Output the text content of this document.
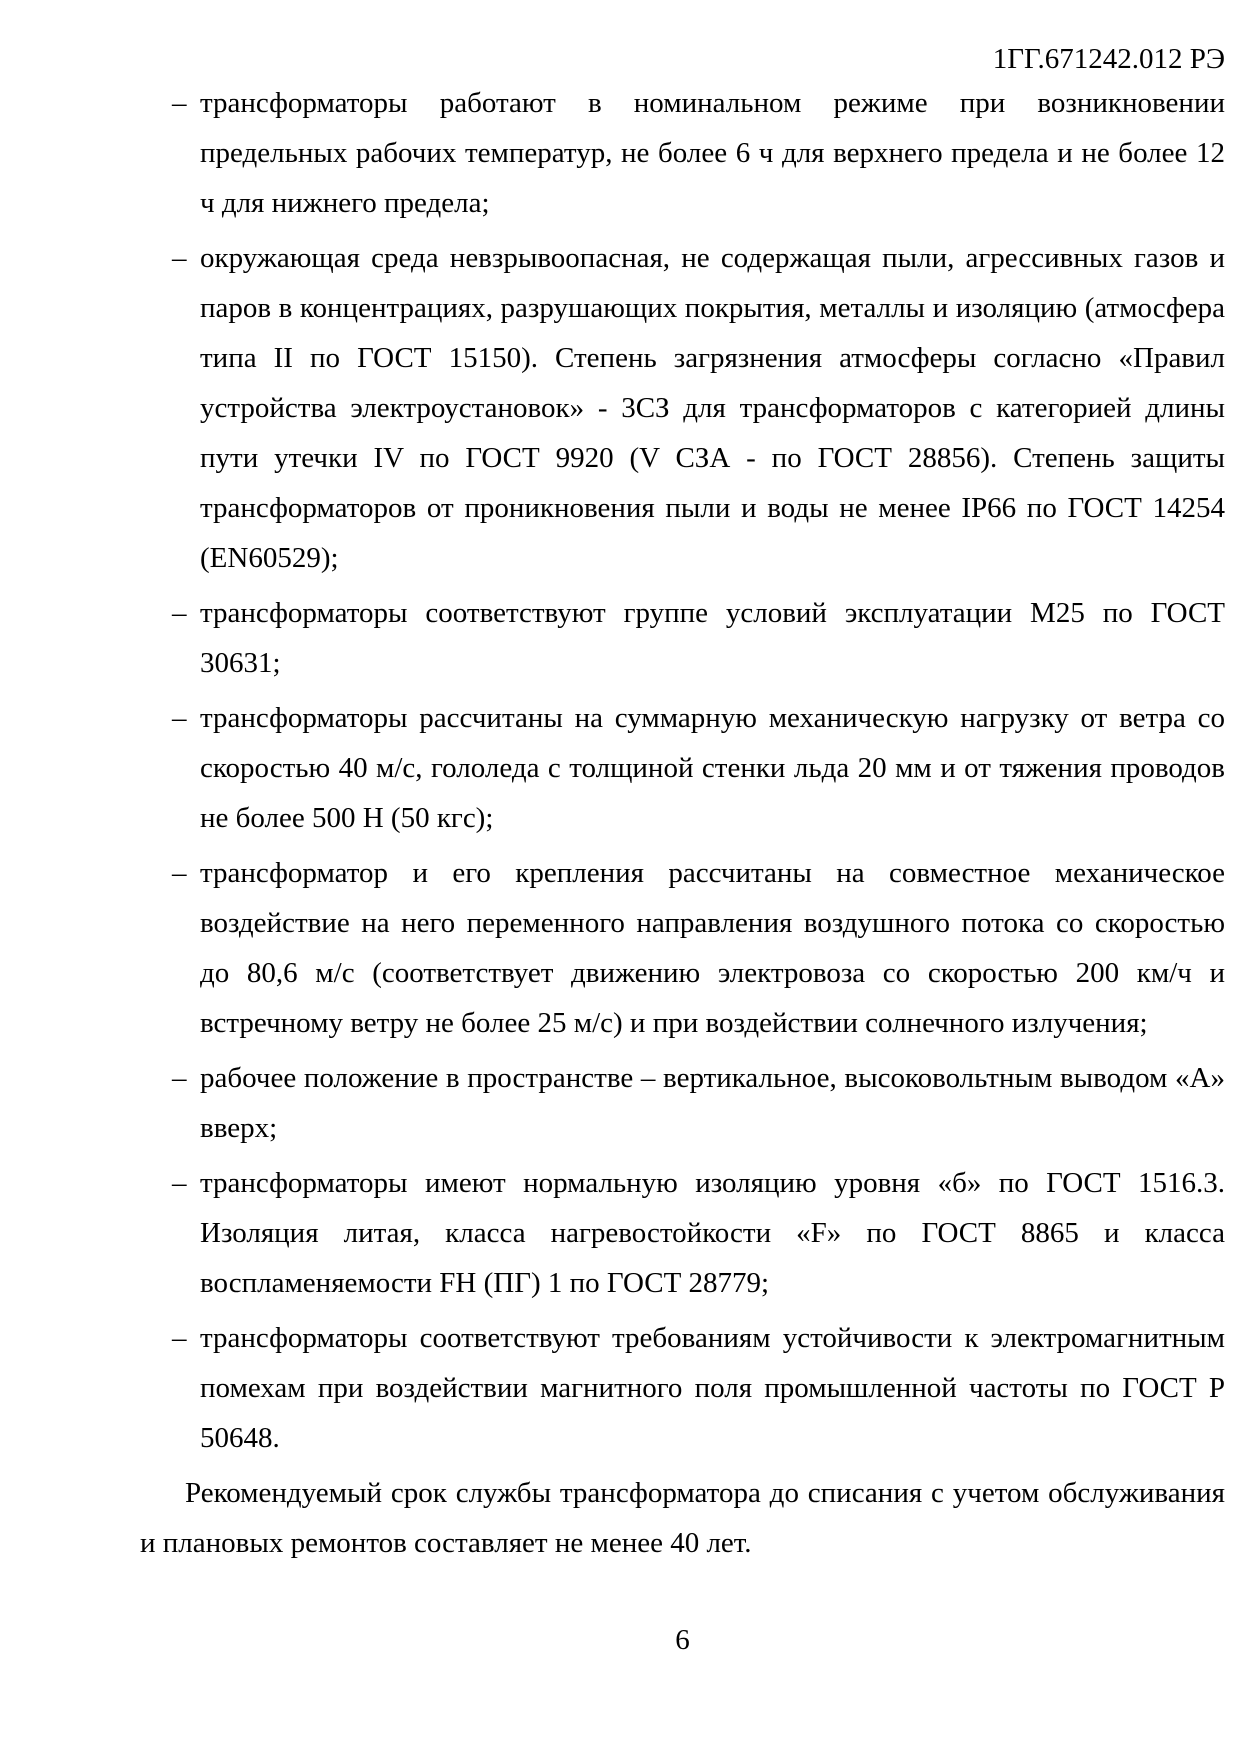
1ГГ.671242.012 РЭ
– трансформаторы работают в номинальном режиме при возникновении предельных рабочих температур, не более 6 ч для верхнего предела и не более 12 ч для нижнего предела;
– окружающая среда невзрывоопасная, не содержащая пыли, агрессивных газов и паров в концентрациях, разрушающих покрытия, металлы и изоляцию (атмосфера типа II по ГОСТ 15150). Степень загрязнения атмосферы согласно «Правил устройства электроустановок» - 3СЗ для трансформаторов с категорией длины пути утечки IV по ГОСТ 9920 (V СЗА - по ГОСТ 28856). Степень защиты трансформаторов от проникновения пыли и воды не менее IP66 по ГОСТ 14254 (EN60529);
– трансформаторы соответствуют группе условий эксплуатации М25 по ГОСТ 30631;
– трансформаторы рассчитаны на суммарную механическую нагрузку от ветра со скоростью 40 м/с, гололеда с толщиной стенки льда 20 мм и от тяжения проводов не более 500 Н (50 кгс);
– трансформатор и его крепления рассчитаны на совместное механическое воздействие на него переменного направления воздушного потока со скоростью до 80,6 м/с (соответствует движению электровоза со скоростью 200 км/ч и встречному ветру не более 25 м/с) и при воздействии солнечного излучения;
– рабочее положение в пространстве – вертикальное, высоковольтным выводом «А» вверх;
– трансформаторы имеют нормальную изоляцию уровня «б» по ГОСТ 1516.3. Изоляция литая, класса нагревостойкости «F» по ГОСТ 8865 и класса воспламеняемости FH (ПГ) 1 по ГОСТ 28779;
– трансформаторы соответствуют требованиям устойчивости к электромагнитным помехам при воздействии магнитного поля промышленной частоты по ГОСТ Р 50648.

Рекомендуемый срок службы трансформатора до списания с учетом обслуживания и плановых ремонтов составляет не менее 40 лет.

6
